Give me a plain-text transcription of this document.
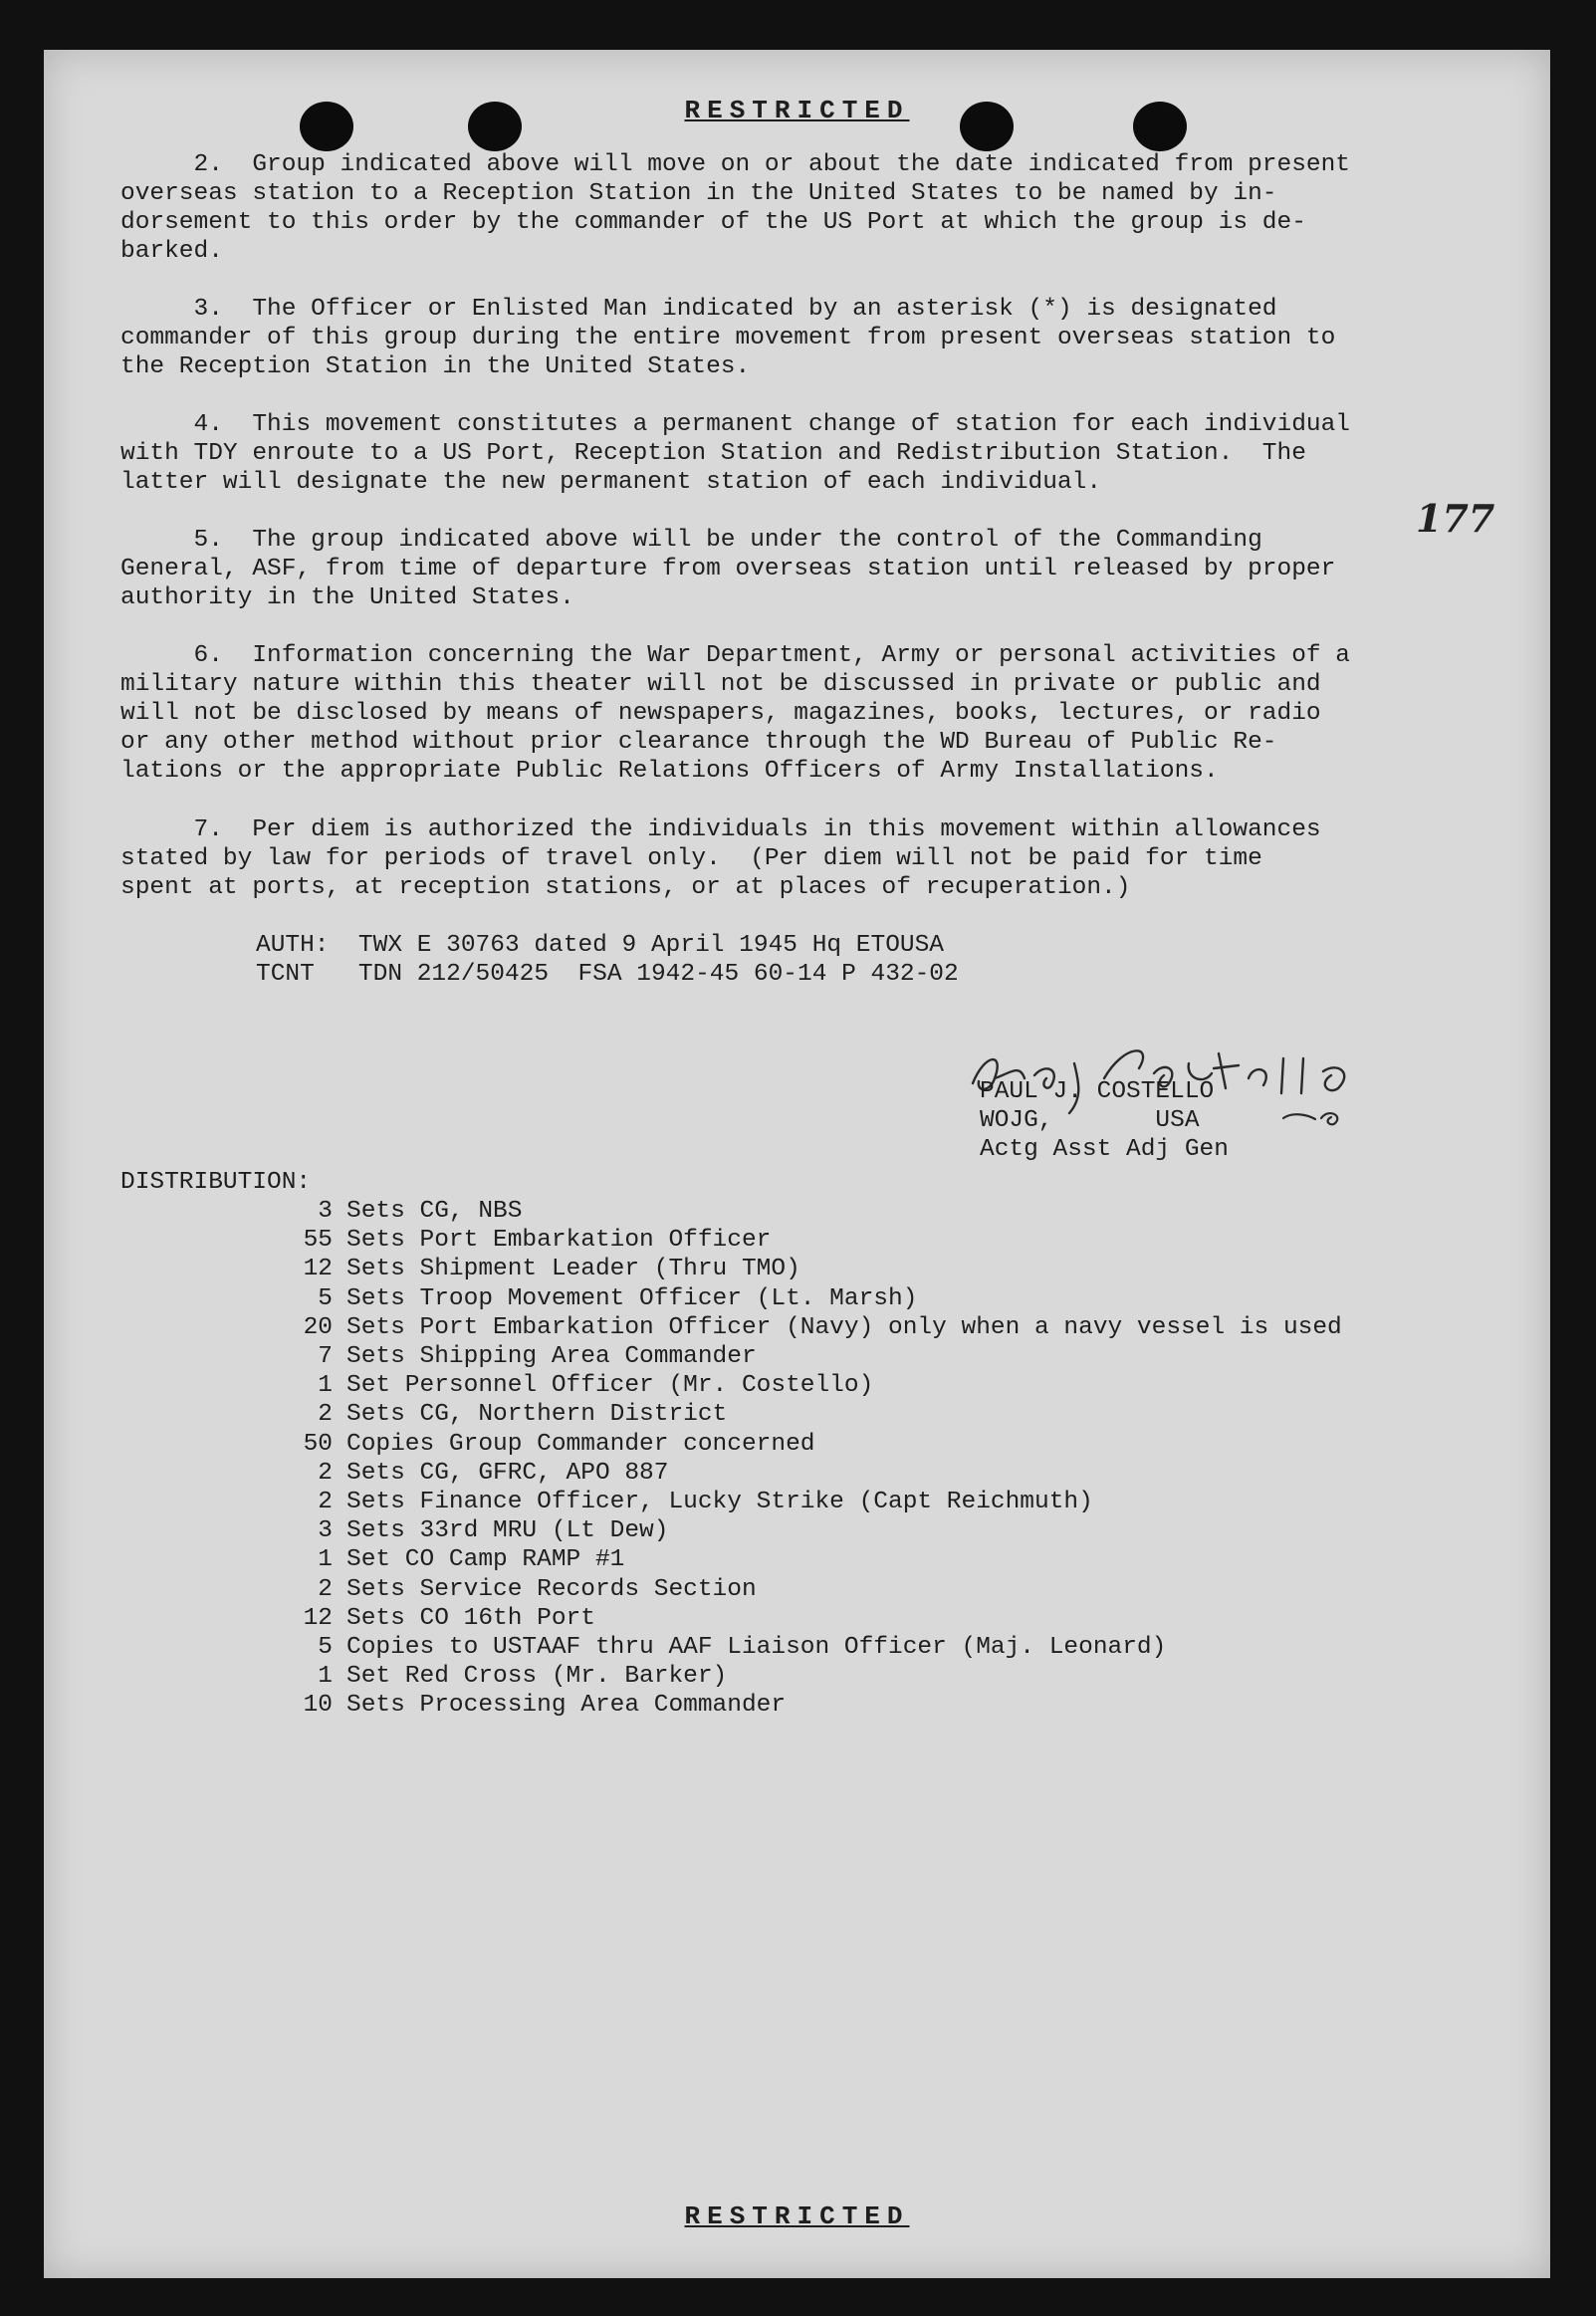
RESTRICTED
2.  Group indicated above will move on or about the date indicated from present
overseas station to a Reception Station in the United States to be named by in-
dorsement to this order by the commander of the US Port at which the group is de-
barked.
3.  The Officer or Enlisted Man indicated by an asterisk (*) is designated
commander of this group during the entire movement from present overseas station to
the Reception Station in the United States.
4.  This movement constitutes a permanent change of station for each individual
with TDY enroute to a US Port, Reception Station and Redistribution Station.  The
latter will designate the new permanent station of each individual.
5.  The group indicated above will be under the control of the Commanding
General, ASF, from time of departure from overseas station until released by proper
authority in the United States.
6.  Information concerning the War Department, Army or personal activities of a
military nature within this theater will not be discussed in private or public and
will not be disclosed by means of newspapers, magazines, books, lectures, or radio
or any other method without prior clearance through the WD Bureau of Public Re-
lations or the appropriate Public Relations Officers of Army Installations.
7.  Per diem is authorized the individuals in this movement within allowances
stated by law for periods of travel only.  (Per diem will not be paid for time
spent at ports, at reception stations, or at places of recuperation.)
177
AUTH:  TWX E 30763 dated 9 April 1945 Hq ETOUSA
TCNT   TDN 212/50425  FSA 1942-45 60-14 P 432-02
PAUL J. COSTELLO
WOJG,       USA
Actg Asst Adj Gen
DISTRIBUTION:
3 Sets CG, NBS
55 Sets Port Embarkation Officer
12 Sets Shipment Leader (Thru TMO)
5 Sets Troop Movement Officer (Lt. Marsh)
20 Sets Port Embarkation Officer (Navy) only when a navy vessel is used
7 Sets Shipping Area Commander
1 Set Personnel Officer (Mr. Costello)
2 Sets CG, Northern District
50 Copies Group Commander concerned
2 Sets CG, GFRC, APO 887
2 Sets Finance Officer, Lucky Strike (Capt Reichmuth)
3 Sets 33rd MRU (Lt Dew)
1 Set CO Camp RAMP #1
2 Sets Service Records Section
12 Sets CO 16th Port
5 Copies to USTAAF thru AAF Liaison Officer (Maj. Leonard)
1 Set Red Cross (Mr. Barker)
10 Sets Processing Area Commander
RESTRICTED
